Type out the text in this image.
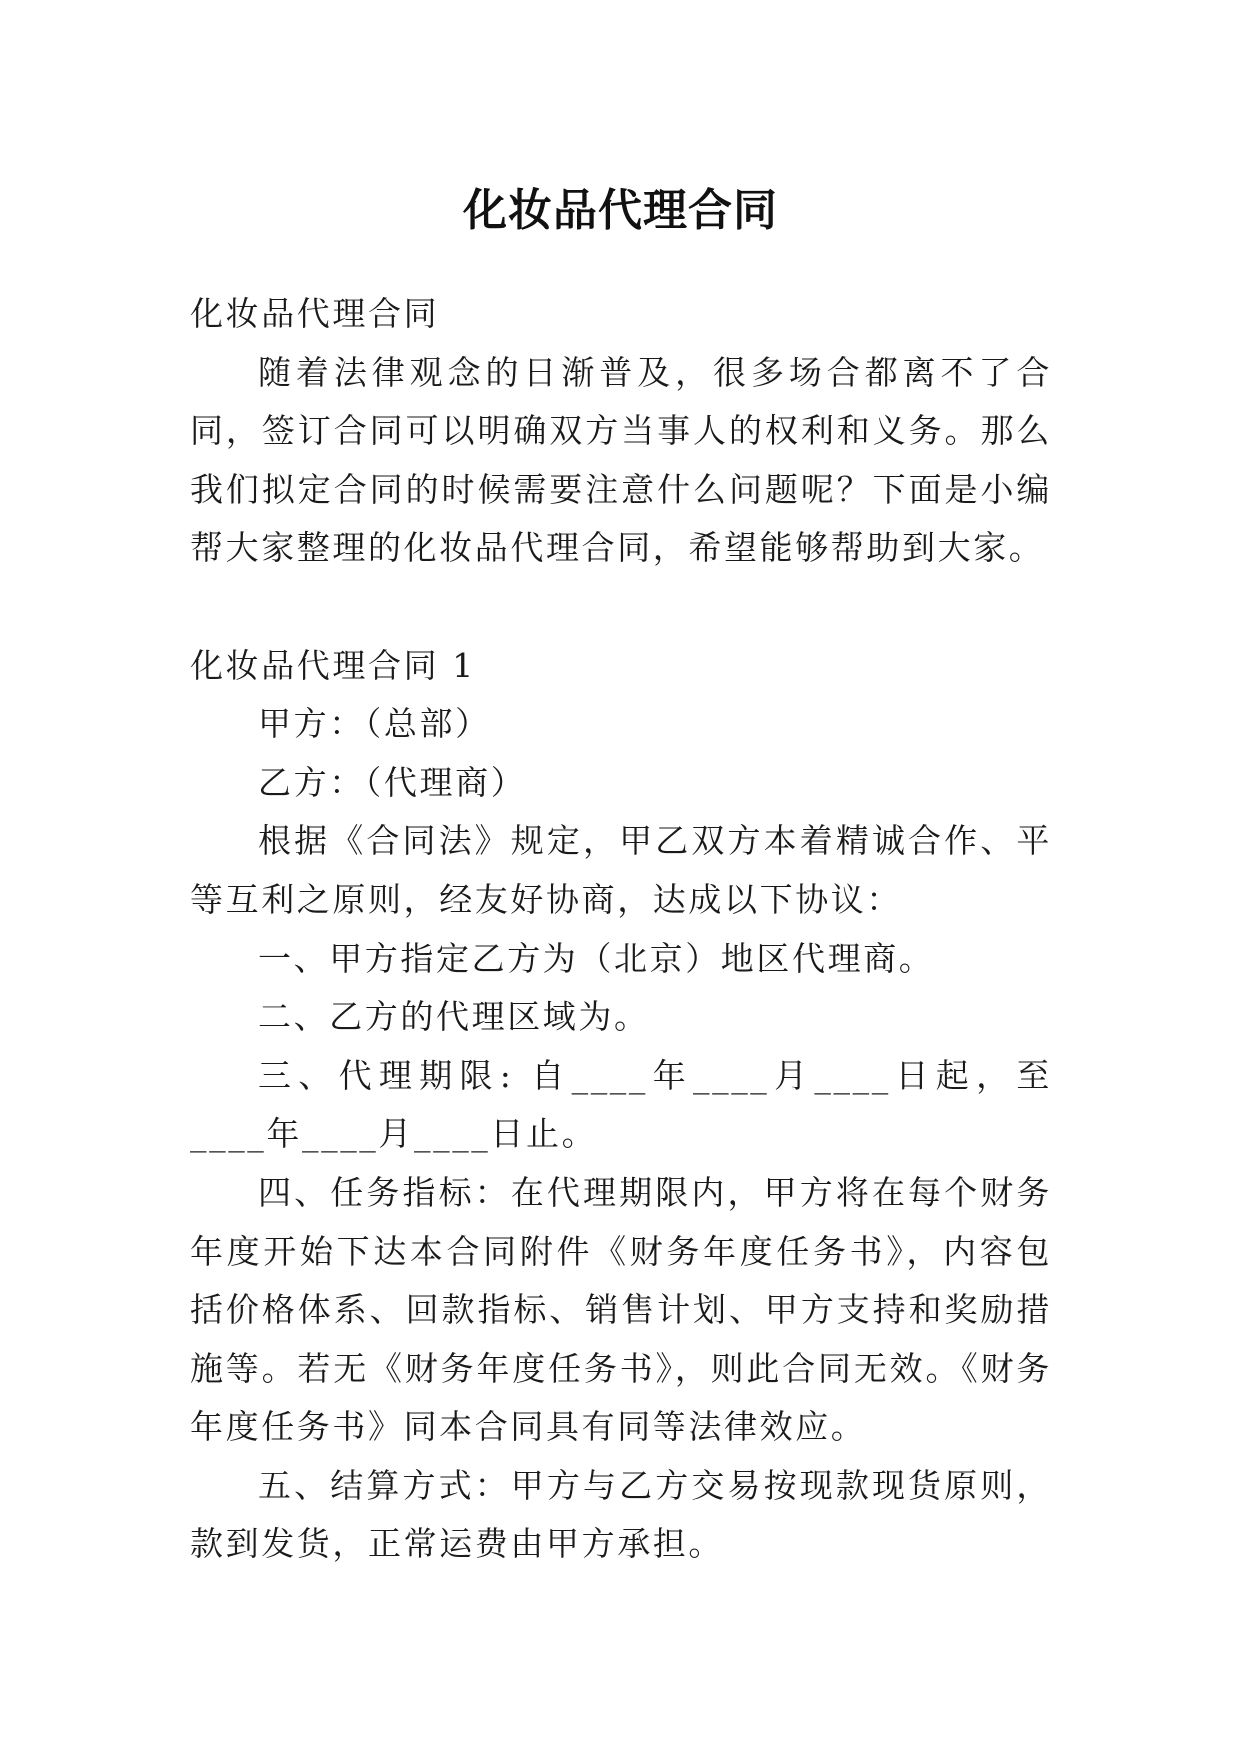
化妆品代理合同

化妆品代理合同

随着法律观念的日渐普及，很多场合都离不了合同，签订合同可以明确双方当事人的权利和义务。那么我们拟定合同的时候需要注意什么问题呢？下面是小编帮大家整理的化妆品代理合同，希望能够帮助到大家。

化妆品代理合同 1

甲方：（总部）

乙方：（代理商）

根据《合同法》规定，甲乙双方本着精诚合作、平等互利之原则，经友好协商，达成以下协议：

一、甲方指定乙方为（北京）地区代理商。

二、乙方的代理区域为。

三、代理期限: 自____年____月____日起，至____年____月____日止。

四、任务指标：在代理期限内，甲方将在每个财务年度开始下达本合同附件《财务年度任务书》，内容包括价格体系、回款指标、销售计划、甲方支持和奖励措施等。若无《财务年度任务书》，则此合同无效。《财务年度任务书》同本合同具有同等法律效应。

五、结算方式：甲方与乙方交易按现款现货原则，款到发货，正常运费由甲方承担。
